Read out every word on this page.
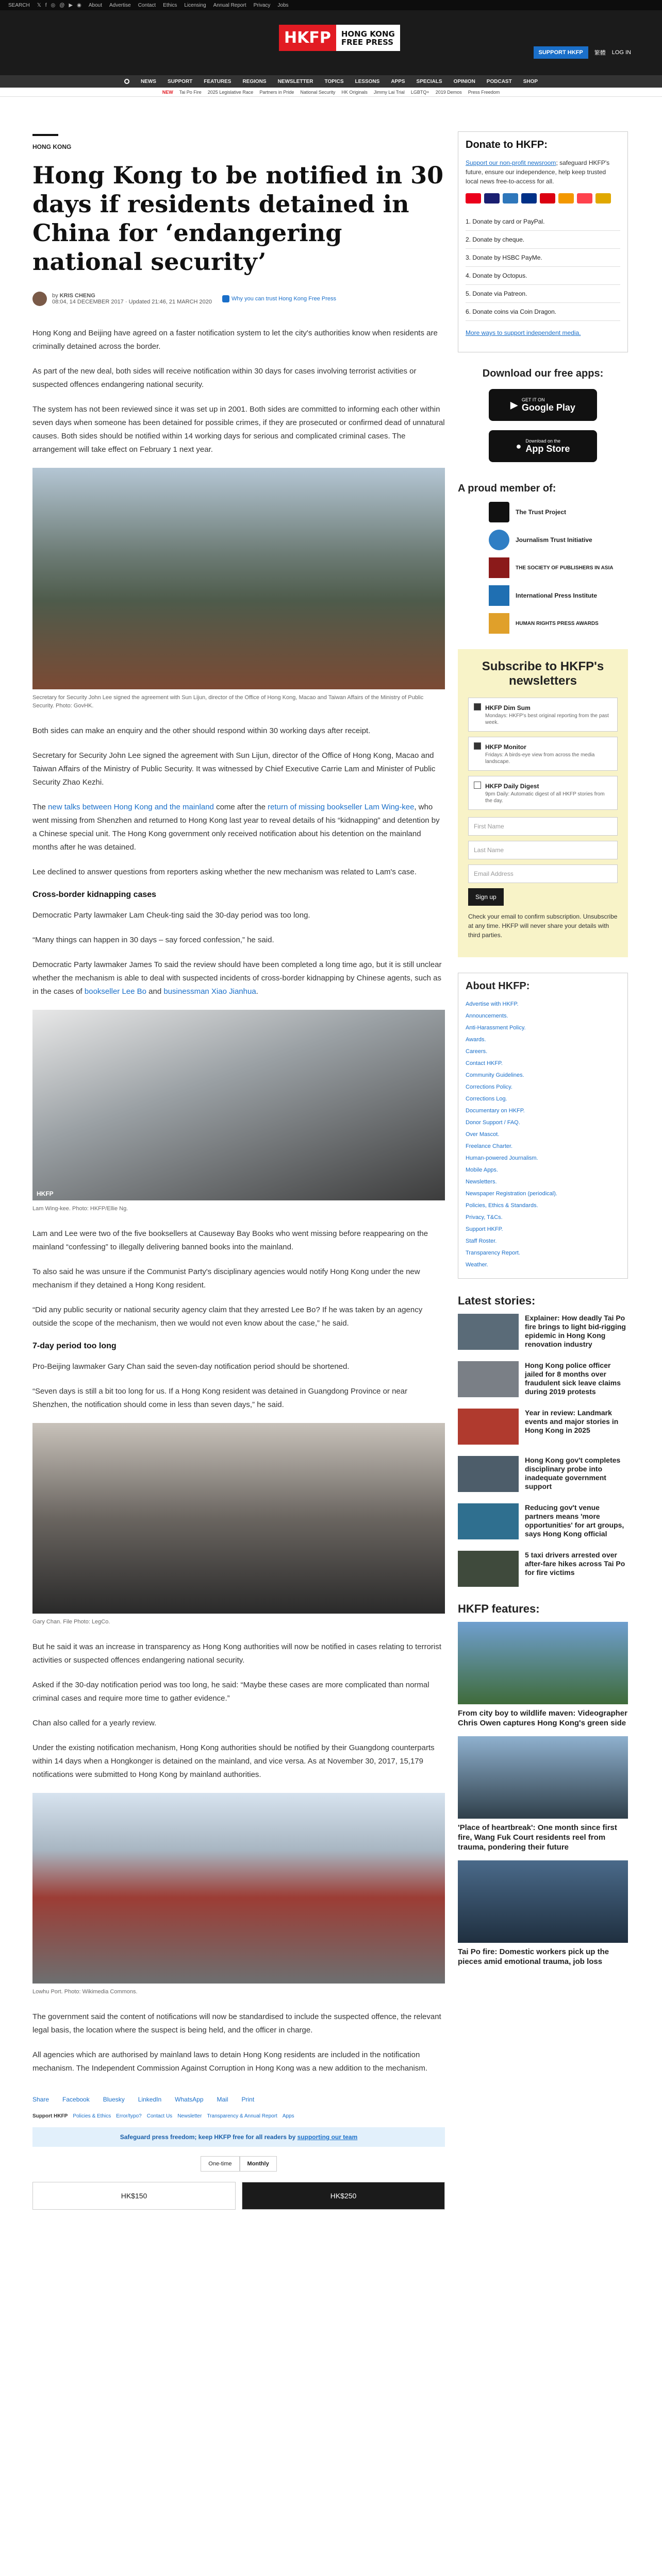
SEARCH 𝕏 f ◎ @ ▶ ◉ About Advertise Contact Ethics Licensing Annual Report Privacy Jobs
HKFP	HONG KONG
FREE PRESS
SUPPORT HKFP	繁體 LOG IN
NEWS SUPPORT FEATURES REGIONS NEWSLETTER TOPICS LESSONS APPS SPECIALS OPINION PODCAST SHOP
NEW Tai Po Fire 2025 Legislative Race Partners in Pride National Security HK Originals Jimmy Lai Trial LGBTQ+ 2019 Demos Press Freedom
HONG KONG
Hong Kong to be notified in 30 days if residents detained in China for ‘endangering national security’
by KRIS CHENG
08:04, 14 DECEMBER 2017 · Updated 21:46, 21 MARCH 2020
Why you can trust Hong Kong Free Press

Hong Kong and Beijing have agreed on a faster notification system to let the city's authorities know when residents are criminally detained across the border.

As part of the new deal, both sides will receive notification within 30 days for cases involving terrorist activities or suspected offences endangering national security.

The system has not been reviewed since it was set up in 2001. Both sides are committed to informing each other within seven days when someone has been detained for possible crimes, if they are prosecuted or confirmed dead of unnatural causes. Both sides should be notified within 14 working days for serious and complicated criminal cases. The arrangement will take effect on February 1 next year.

Secretary for Security John Lee signed the agreement with Sun Lijun, director of the Office of Hong Kong, Macao and Taiwan Affairs of the Ministry of Public Security. Photo: GovHK.

Both sides can make an enquiry and the other should respond within 30 working days after receipt.

Secretary for Security John Lee signed the agreement with Sun Lijun, director of the Office of Hong Kong, Macao and Taiwan Affairs of the Ministry of Public Security. It was witnessed by Chief Executive Carrie Lam and Minister of Public Security Zhao Kezhi.

The new talks between Hong Kong and the mainland come after the return of missing bookseller Lam Wing-kee, who went missing from Shenzhen and returned to Hong Kong last year to reveal details of his “kidnapping” and detention by a Chinese special unit. The Hong Kong government only received notification about his detention on the mainland months after he was detained.

Lee declined to answer questions from reporters asking whether the new mechanism was related to Lam's case.

Cross-border kidnapping cases

Democratic Party lawmaker Lam Cheuk-ting said the 30-day period was too long.

“Many things can happen in 30 days – say forced confession,” he said.

Democratic Party lawmaker James To said the review should have been completed a long time ago, but it is still unclear whether the mechanism is able to deal with suspected incidents of cross-border kidnapping by Chinese agents, such as in the cases of bookseller Lee Bo and businessman Xiao Jianhua.

HKFP
Lam Wing-kee. Photo: HKFP/Ellie Ng.

Lam and Lee were two of the five booksellers at Causeway Bay Books who went missing before reappearing on the mainland “confessing” to illegally delivering banned books into the mainland.

To also said he was unsure if the Communist Party's disciplinary agencies would notify Hong Kong under the new mechanism if they detained a Hong Kong resident.

“Did any public security or national security agency claim that they arrested Lee Bo? If he was taken by an agency outside the scope of the mechanism, then we would not even know about the case,” he said.

7-day period too long

Pro-Beijing lawmaker Gary Chan said the seven-day notification period should be shortened.

“Seven days is still a bit too long for us. If a Hong Kong resident was detained in Guangdong Province or near Shenzhen, the notification should come in less than seven days,” he said.

Gary Chan. File Photo: LegCo.

But he said it was an increase in transparency as Hong Kong authorities will now be notified in cases relating to terrorist activities or suspected offences endangering national security.

Asked if the 30-day notification period was too long, he said: “Maybe these cases are more complicated than normal criminal cases and require more time to gather evidence.”

Chan also called for a yearly review.

Under the existing notification mechanism, Hong Kong authorities should be notified by their Guangdong counterparts within 14 days when a Hongkonger is detained on the mainland, and vice versa. As at November 30, 2017, 15,179 notifications were submitted to Hong Kong by mainland authorities.

Lowhu Port. Photo: Wikimedia Commons.

The government said the content of notifications will now be standardised to include the suspected offence, the relevant legal basis, the location where the suspect is being held, and the officer in charge.

All agencies which are authorised by mainland laws to detain Hong Kong residents are included in the notification mechanism. The Independent Commission Against Corruption in Hong Kong was a new addition to the mechanism.

Share Facebook Bluesky LinkedIn WhatsApp Mail Print
Support HKFP Policies & Ethics Error/typo? Contact Us Newsletter Transparency & Annual Report Apps
Safeguard press freedom; keep HKFP free for all readers by supporting our team
One-time	Monthly
HK$150	HK$250
Donate to HKFP:

Support our non-profit newsroom; safeguard HKFP's future, ensure our independence, help keep trusted local news free-to-access for all.

1. Donate by card or PayPal.
2. Donate by cheque.
3. Donate by HSBC PayMe.
4. Donate by Octopus.
5. Donate via Patreon.
6. Donate coins via Coin Dragon.

More ways to support independent media.

Download our free apps:
▶ GET IT ON
Google Play
● Download on the
App Store
A proud member of:
The Trust Project
Journalism Trust Initiative
THE SOCIETY OF PUBLISHERS IN ASIA
International Press Institute
HUMAN RIGHTS PRESS AWARDS
Subscribe to HKFP's newsletters
HKFP Dim Sum
Mondays: HKFP's best original reporting from the past week.
HKFP Monitor
Fridays: A birds-eye view from across the media landscape.
HKFP Daily Digest
9pm Daily: Automatic digest of all HKFP stories from the day.
First Name
Last Name
Email Address
Sign up

Check your email to confirm subscription. Unsubscribe at any time. HKFP will never share your details with third parties.

About HKFP:
Advertise with HKFP.
Announcements.
Anti-Harassment Policy.
Awards.
Careers.
Contact HKFP.
Community Guidelines.
Corrections Policy.
Corrections Log.
Documentary on HKFP.
Donor Support / FAQ.
Over Mascot.
Freelance Charter.
Human-powered Journalism.
Mobile Apps.
Newsletters.
Newspaper Registration (periodical).
Policies, Ethics & Standards.
Privacy, T&Cs.
Support HKFP.
Staff Roster.
Transparency Report.
Weather.
Latest stories:
Explainer: How deadly Tai Po fire brings to light bid-rigging epidemic in Hong Kong renovation industry
Hong Kong police officer jailed for 8 months over fraudulent sick leave claims during 2019 protests
Year in review: Landmark events and major stories in Hong Kong in 2025
Hong Kong gov't completes disciplinary probe into inadequate government support
Reducing gov't venue partners means 'more opportunities' for art groups, says Hong Kong official
5 taxi drivers arrested over after-fare hikes across Tai Po for fire victims
HKFP features:
From city boy to wildlife maven: Videographer Chris Owen captures Hong Kong's green side
'Place of heartbreak': One month since first fire, Wang Fuk Court residents reel from trauma, pondering their future
Tai Po fire: Domestic workers pick up the pieces amid emotional trauma, job loss
